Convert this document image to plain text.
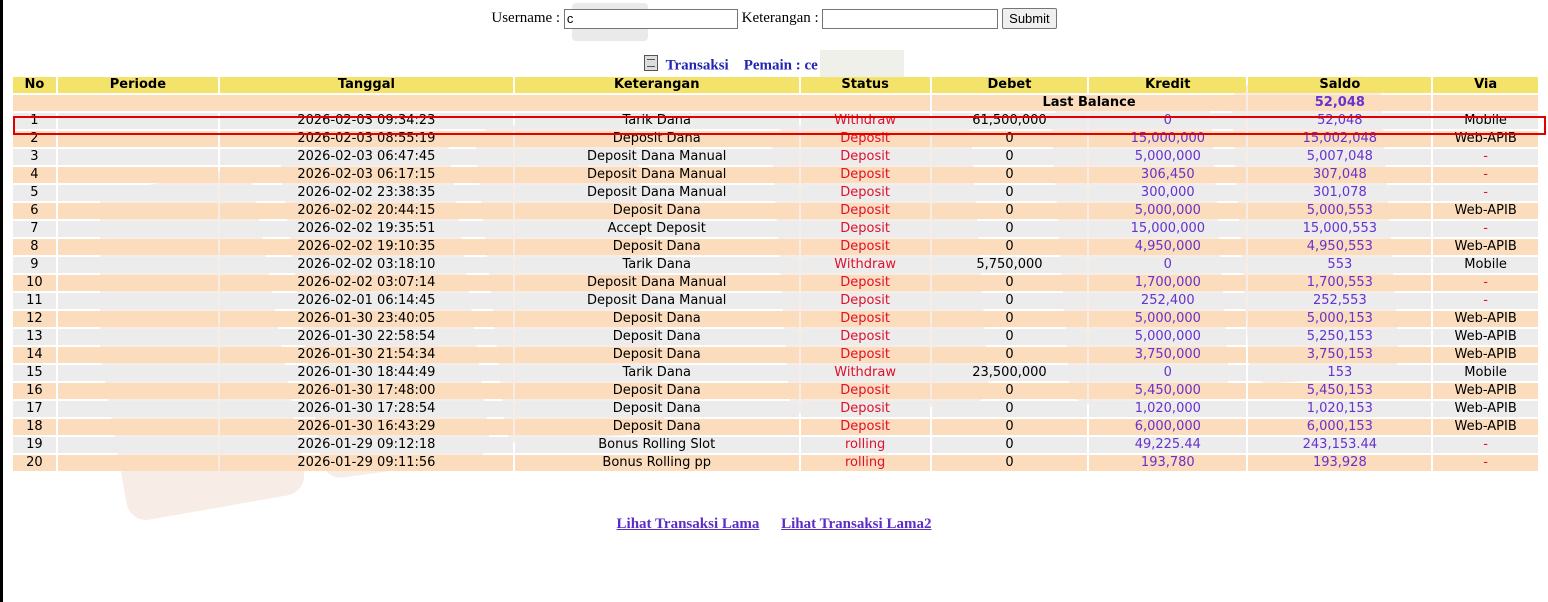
Username : c	Keterangan :	Submit
Transaksi Pemain : ce
No	Periode	Tanggal	Keterangan	Status	Debet	Kredit	Saldo	Via
					Last Balance		52,048	
1		2026-02-03 09:34:23	Tarik Dana	Withdraw	61,500,000	0	52,048	Mobile
2		2026-02-03 08:55:19	Deposit Dana	Deposit	0	15,000,000	15,002,048	Web-APIB
3		2026-02-03 06:47:45	Deposit Dana Manual	Deposit	0	5,000,000	5,007,048	-
4		2026-02-03 06:17:15	Deposit Dana Manual	Deposit	0	306,450	307,048	-
5		2026-02-02 23:38:35	Deposit Dana Manual	Deposit	0	300,000	301,078	-
6		2026-02-02 20:44:15	Deposit Dana	Deposit	0	5,000,000	5,000,553	Web-APIB
7		2026-02-02 19:35:51	Accept Deposit	Deposit	0	15,000,000	15,000,553	-
8		2026-02-02 19:10:35	Deposit Dana	Deposit	0	4,950,000	4,950,553	Web-APIB
9		2026-02-02 03:18:10	Tarik Dana	Withdraw	5,750,000	0	553	Mobile
10		2026-02-02 03:07:14	Deposit Dana Manual	Deposit	0	1,700,000	1,700,553	-
11		2026-02-01 06:14:45	Deposit Dana Manual	Deposit	0	252,400	252,553	-
12		2026-01-30 23:40:05	Deposit Dana	Deposit	0	5,000,000	5,000,153	Web-APIB
13		2026-01-30 22:58:54	Deposit Dana	Deposit	0	5,000,000	5,250,153	Web-APIB
14		2026-01-30 21:54:34	Deposit Dana	Deposit	0	3,750,000	3,750,153	Web-APIB
15		2026-01-30 18:44:49	Tarik Dana	Withdraw	23,500,000	0	153	Mobile
16		2026-01-30 17:48:00	Deposit Dana	Deposit	0	5,450,000	5,450,153	Web-APIB
17		2026-01-30 17:28:54	Deposit Dana	Deposit	0	1,020,000	1,020,153	Web-APIB
18		2026-01-30 16:43:29	Deposit Dana	Deposit	0	6,000,000	6,000,153	Web-APIB
19		2026-01-29 09:12:18	Bonus Rolling Slot	rolling	0	49,225.44	243,153.44	-
20		2026-01-29 09:11:56	Bonus Rolling pp	rolling	0	193,780	193,928	-
Lihat Transaksi Lama Lihat Transaksi Lama2
